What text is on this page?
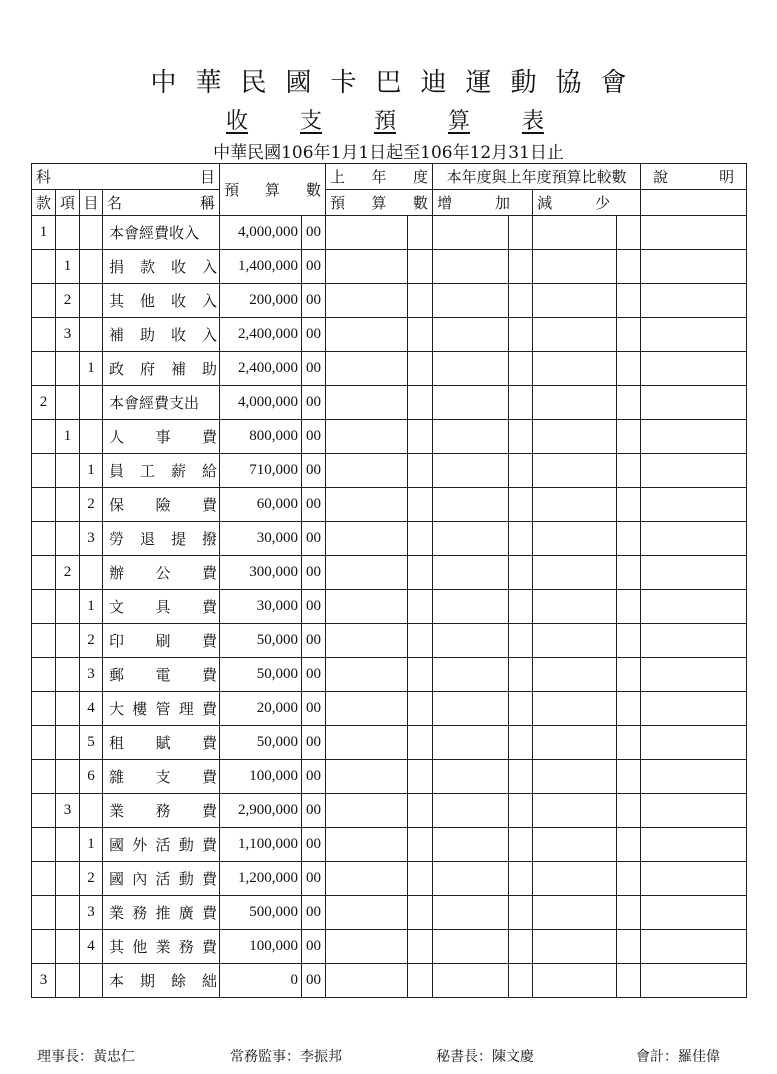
中華民國卡巴迪運動協會
收 支 預 算 表
中華民國106年1月1日起至106年12月31日止
科 目				預 算 數		上 年 度		本年度與上年度預算比較數				說 明

款	項	目	名 稱			預 算 數		增 加		減 少		

1			本會經費收入	4,000,000	00							
	1		捐 款 收 入	1,400,000	00							
	2		其 他 收 入	200,000	00							
	3		補 助 收 入	2,400,000	00							
		1	政 府 補 助	2,400,000	00							
2			本會經費支出	4,000,000	00							
	1		人 事 費	800,000	00							
		1	員 工 薪 給	710,000	00							
		2	保 險 費	60,000	00							
		3	勞 退 提 撥	30,000	00							
	2		辦 公 費	300,000	00							
		1	文 具 費	30,000	00							
		2	印 刷 費	50,000	00							
		3	郵 電 費	50,000	00							
		4	大 樓 管 理 費	20,000	00							
		5	租 賦 費	50,000	00							
		6	雜 支 費	100,000	00							
	3		業 務 費	2,900,000	00							
		1	國 外 活 動 費	1,100,000	00							
		2	國 內 活 動 費	1,200,000	00							
		3	業 務 推 廣 費	500,000	00							
		4	其 他 業 務 費	100,000	00							
3			本 期 餘 絀	0	00							
理事長：黃忠仁	常務監事：李振邦	秘書長：陳文慶	會計：羅佳偉
